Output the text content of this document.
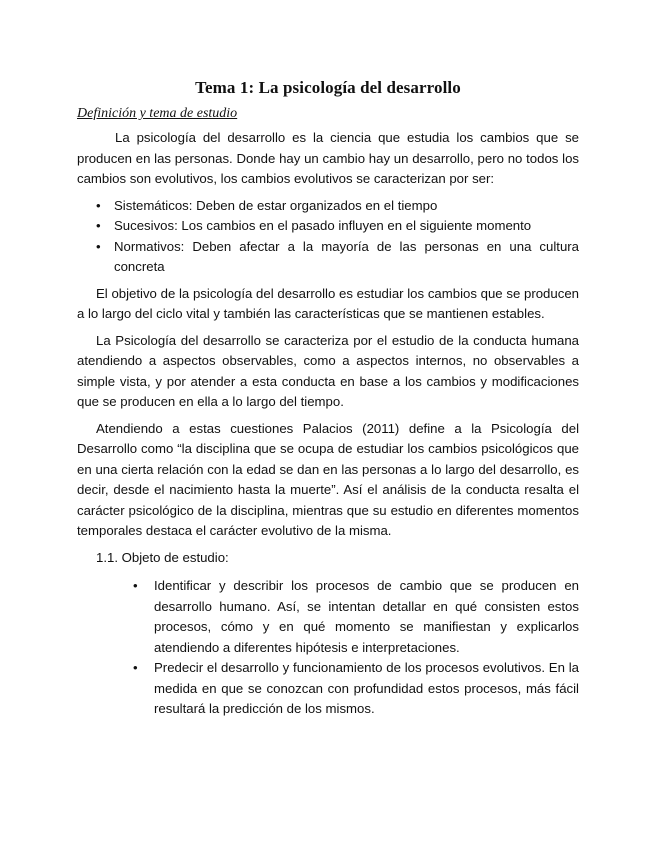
Tema 1: La psicología del desarrollo
Definición y tema de estudio

La psicología del desarrollo es la ciencia que estudia los cambios que se producen en las personas. Donde hay un cambio hay un desarrollo, pero no todos los cambios son evolutivos, los cambios evolutivos se caracterizan por ser:

• Sistemáticos: Deben de estar organizados en el tiempo
• Sucesivos: Los cambios en el pasado influyen en el siguiente momento
• Normativos: Deben afectar a la mayoría de las personas en una cultura concreta

El objetivo de la psicología del desarrollo es estudiar los cambios que se producen a lo largo del ciclo vital y también las características que se mantienen estables.

La Psicología del desarrollo se caracteriza por el estudio de la conducta humana atendiendo a aspectos observables, como a aspectos internos, no observables a simple vista, y por atender a esta conducta en base a los cambios y modificaciones que se producen en ella a lo largo del tiempo.

Atendiendo a estas cuestiones Palacios (2011) define a la Psicología del Desarrollo como “la disciplina que se ocupa de estudiar los cambios psicológicos que en una cierta relación con la edad se dan en las personas a lo largo del desarrollo, es decir, desde el nacimiento hasta la muerte”. Así el análisis de la conducta resalta el carácter psicológico de la disciplina, mientras que su estudio en diferentes momentos temporales destaca el carácter evolutivo de la misma.

1.1. Objeto de estudio:
• Identificar y describir los procesos de cambio que se producen en desarrollo humano. Así, se intentan detallar en qué consisten estos procesos, cómo y en qué momento se manifiestan y explicarlos atendiendo a diferentes hipótesis e interpretaciones.
• Predecir el desarrollo y funcionamiento de los procesos evolutivos. En la medida en que se conozcan con profundidad estos procesos, más fácil resultará la predicción de los mismos.
